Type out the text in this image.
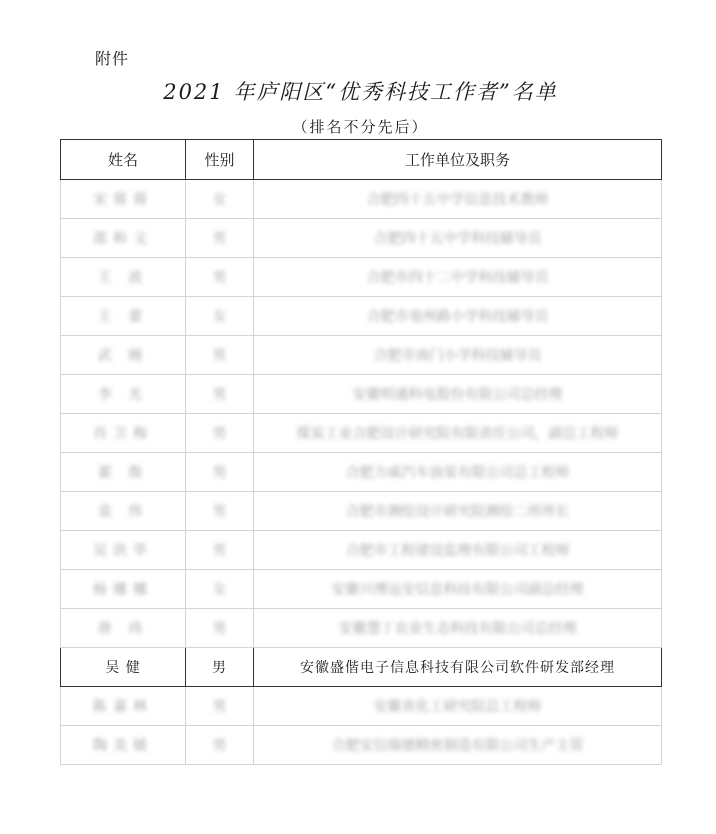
附件
2021 年庐阳区“优秀科技工作者”名单
（排名不分先后）
姓名	性别	工作单位及职务
宋蓉蓉	女	合肥四十五中学信息技术教师
邵和文	男	合肥四十五中学科技辅导员
王 波	男	合肥市四十二中学科技辅导员
王 蕾	女	合肥市亳州路小学科技辅导员
武 刚	男	合肥市南门小学科技辅导员
李 光	男	安徽明通科电股份有限公司总经理
肖卫梅	男	煤炭工业合肥设计研究院有限责任公司，副总工程师
翟 俊	男	合肥力威汽车油泵有限公司总工程师
袁 伟	男	合肥市测绘设计研究院测绘二所所长
吴洪华	男	合肥市工程建设监理有限公司工程师
杨娜娜	女	安徽兴博远安信息科技有限公司副总经理
唐 玮	男	安徽慧丁农业生态科技有限公司总经理
吴 健	男	安徽盛偕电子信息科技有限公司软件研发部经理
陈嘉林	男	安徽省化工研究院总工程师
陶美媛	男	合肥安信瑞德精密制造有限公司生产主管
